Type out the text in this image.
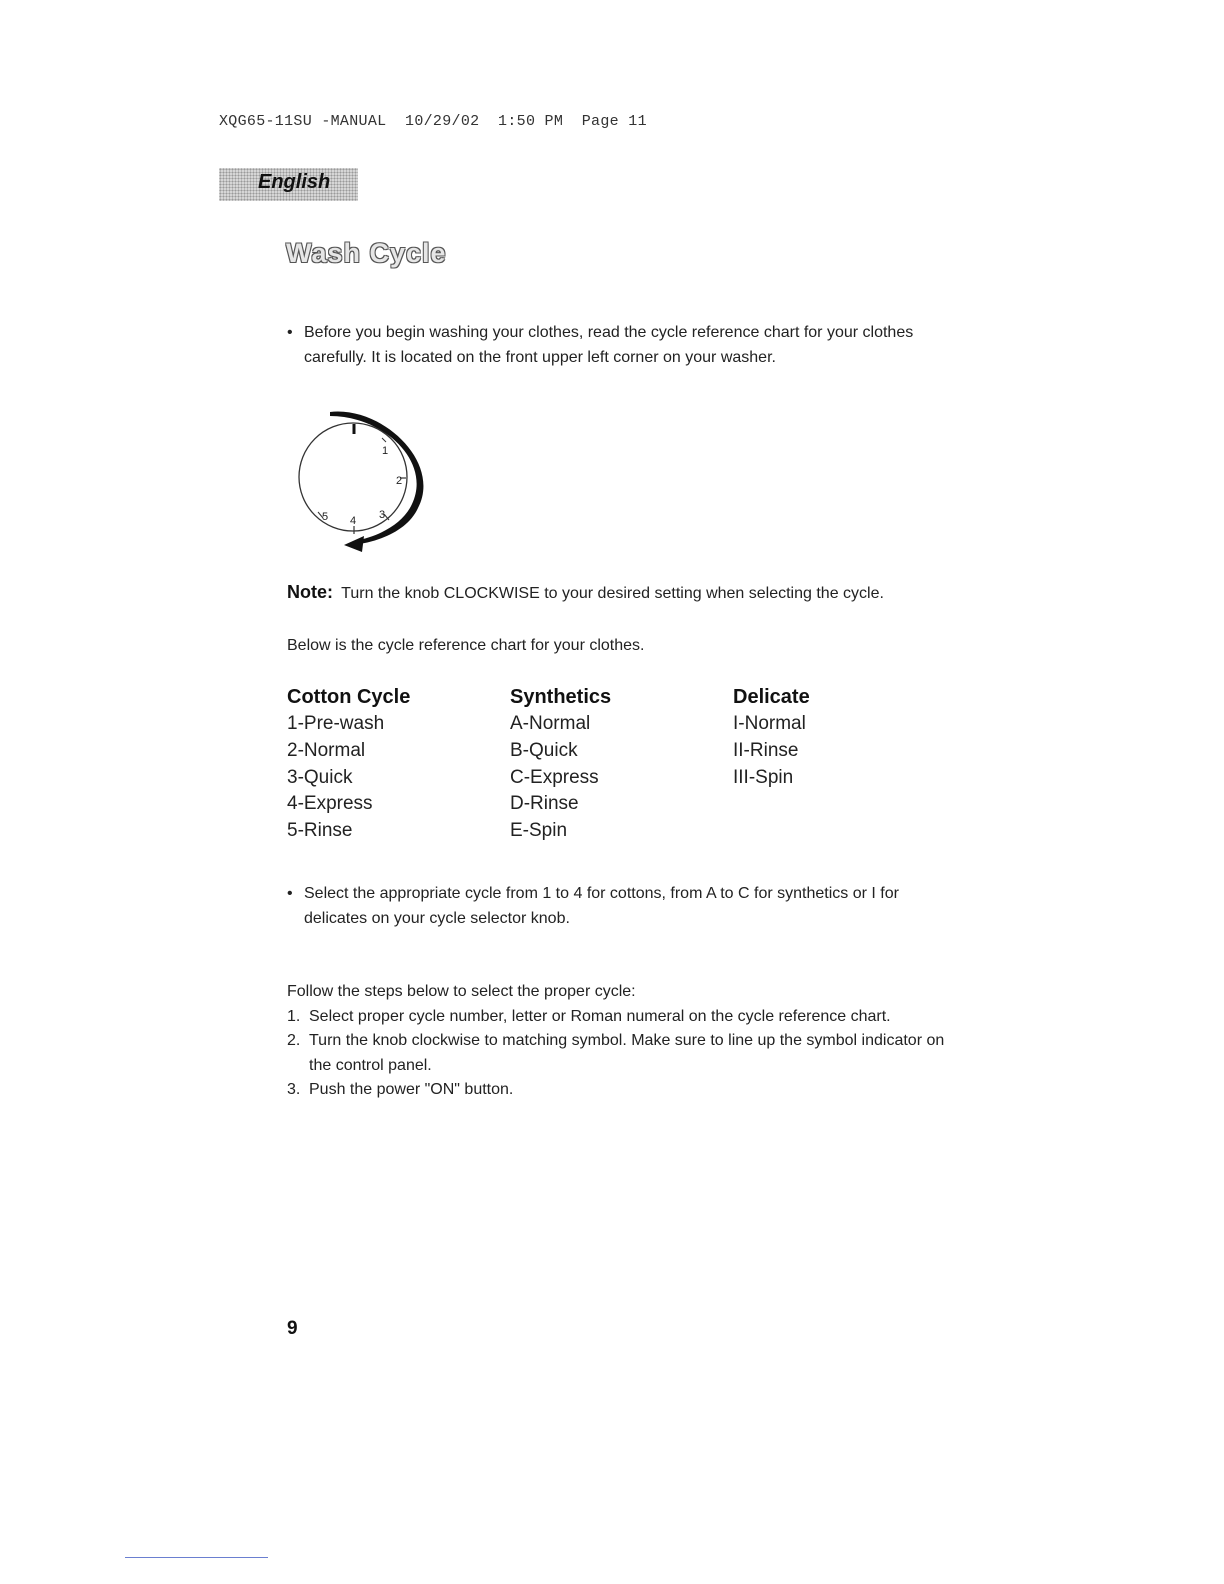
XQG65-11SU -MANUAL  10/29/02  1:50 PM  Page 11
English
Wash Cycle
• Before you begin washing your clothes, read the cycle reference chart for your clothes carefully. It is located on the front upper left corner on your washer.
1
2
3
4
5
Note: Turn the knob CLOCKWISE to your desired setting when selecting the cycle.
Below is the cycle reference chart for your clothes.
Cotton Cycle
1-Pre-wash
2-Normal
3-Quick
4-Express
5-Rinse
Synthetics
A-Normal
B-Quick
C-Express
D-Rinse
E-Spin
Delicate
I-Normal
II-Rinse
III-Spin
• Select the appropriate cycle from 1 to 4 for cottons, from A to C for synthetics or I for delicates on your cycle selector knob.
Follow the steps below to select the proper cycle:
1. Select proper cycle number, letter or Roman numeral on the cycle reference chart.
2. Turn the knob clockwise to matching symbol. Make sure to line up the symbol indicator on the control panel.
3. Push the power "ON" button.
9
